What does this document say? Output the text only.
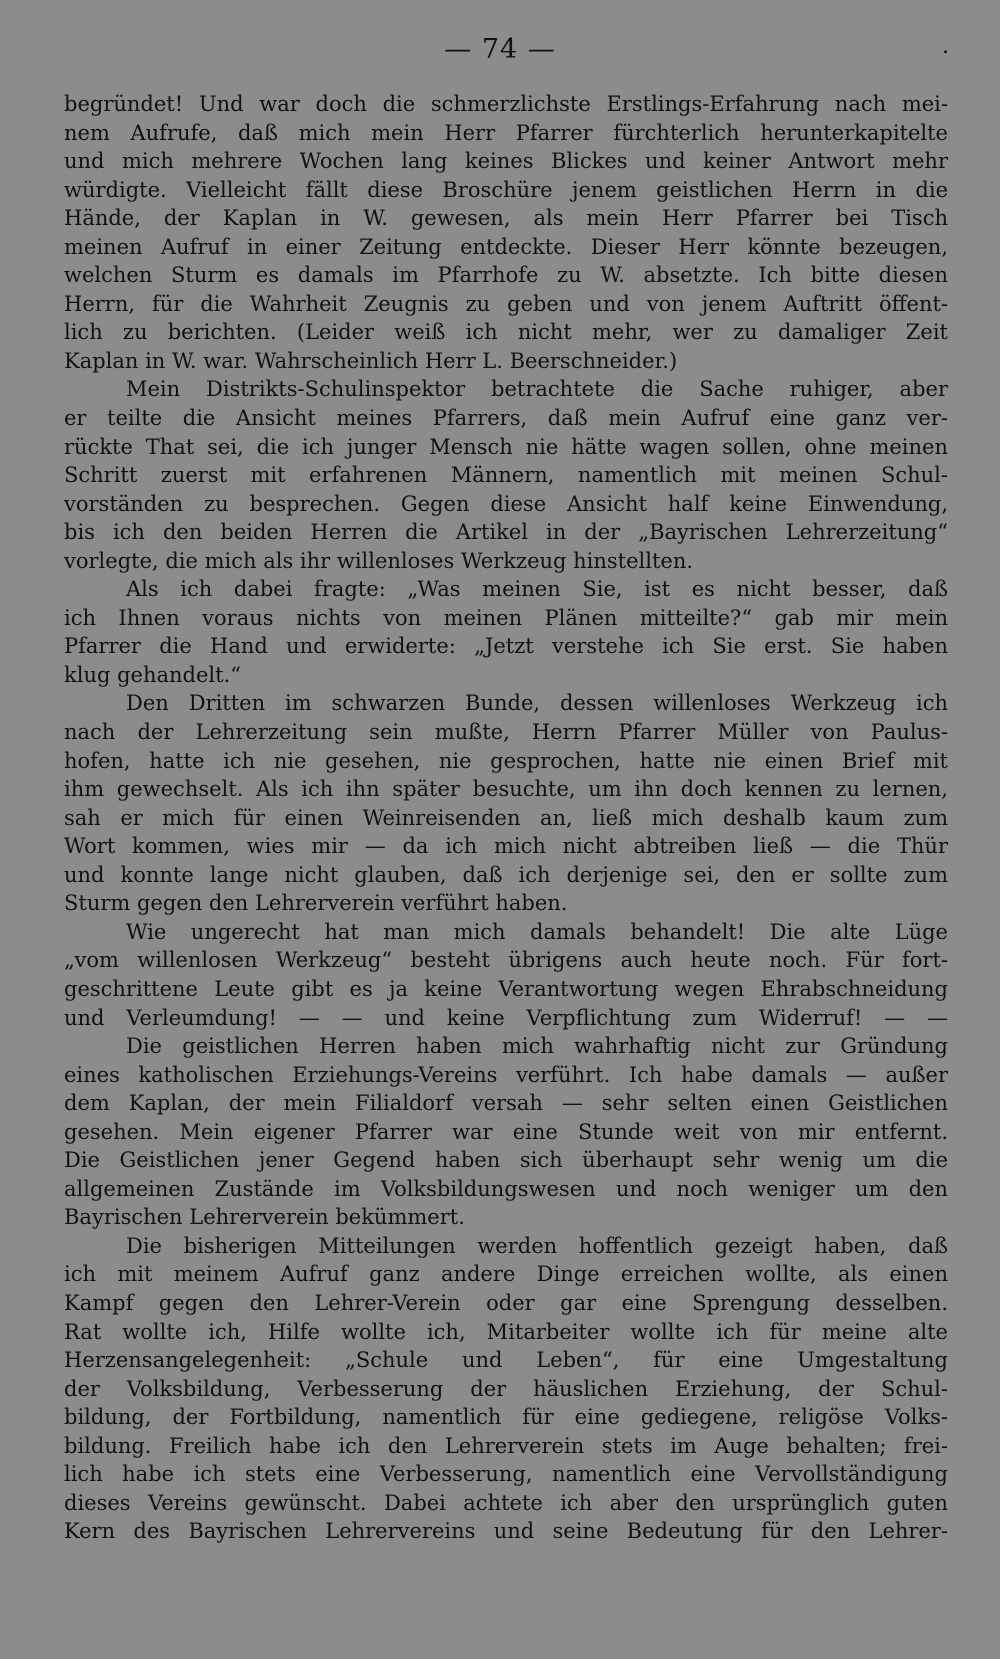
— 74 —	.
begründet! Und war doch die schmerzlichste Erstlings-Erfahrung nach mei-
nem Aufrufe, daß mich mein Herr Pfarrer fürchterlich herunterkapitelte
und mich mehrere Wochen lang keines Blickes und keiner Antwort mehr
würdigte. Vielleicht fällt diese Broschüre jenem geistlichen Herrn in die
Hände, der Kaplan in W. gewesen, als mein Herr Pfarrer bei Tisch
meinen Aufruf in einer Zeitung entdeckte. Dieser Herr könnte bezeugen,
welchen Sturm es damals im Pfarrhofe zu W. absetzte. Ich bitte diesen
Herrn, für die Wahrheit Zeugnis zu geben und von jenem Auftritt öffent-
lich zu berichten. (Leider weiß ich nicht mehr, wer zu damaliger Zeit
Kaplan in W. war. Wahrscheinlich Herr L. Beerschneider.)
Mein Distrikts-Schulinspektor betrachtete die Sache ruhiger, aber
er teilte die Ansicht meines Pfarrers, daß mein Aufruf eine ganz ver-
rückte That sei, die ich junger Mensch nie hätte wagen sollen, ohne meinen
Schritt zuerst mit erfahrenen Männern, namentlich mit meinen Schul-
vorständen zu besprechen. Gegen diese Ansicht half keine Einwendung,
bis ich den beiden Herren die Artikel in der „Bayrischen Lehrerzeitung“
vorlegte, die mich als ihr willenloses Werkzeug hinstellten.
Als ich dabei fragte: „Was meinen Sie, ist es nicht besser, daß
ich Ihnen voraus nichts von meinen Plänen mitteilte?“ gab mir mein
Pfarrer die Hand und erwiderte: „Jetzt verstehe ich Sie erst. Sie haben
klug gehandelt.“
Den Dritten im schwarzen Bunde, dessen willenloses Werkzeug ich
nach der Lehrerzeitung sein mußte, Herrn Pfarrer Müller von Paulus-
hofen, hatte ich nie gesehen, nie gesprochen, hatte nie einen Brief mit
ihm gewechselt. Als ich ihn später besuchte, um ihn doch kennen zu lernen,
sah er mich für einen Weinreisenden an, ließ mich deshalb kaum zum
Wort kommen, wies mir — da ich mich nicht abtreiben ließ — die Thür
und konnte lange nicht glauben, daß ich derjenige sei, den er sollte zum
Sturm gegen den Lehrerverein verführt haben.
Wie ungerecht hat man mich damals behandelt! Die alte Lüge
„vom willenlosen Werkzeug“ besteht übrigens auch heute noch. Für fort-
geschrittene Leute gibt es ja keine Verantwortung wegen Ehrabschneidung
und Verleumdung! — — und keine Verpflichtung zum Widerruf! — —
Die geistlichen Herren haben mich wahrhaftig nicht zur Gründung
eines katholischen Erziehungs-Vereins verführt. Ich habe damals — außer
dem Kaplan, der mein Filialdorf versah — sehr selten einen Geistlichen
gesehen. Mein eigener Pfarrer war eine Stunde weit von mir entfernt.
Die Geistlichen jener Gegend haben sich überhaupt sehr wenig um die
allgemeinen Zustände im Volksbildungswesen und noch weniger um den
Bayrischen Lehrerverein bekümmert.
Die bisherigen Mitteilungen werden hoffentlich gezeigt haben, daß
ich mit meinem Aufruf ganz andere Dinge erreichen wollte, als einen
Kampf gegen den Lehrer-Verein oder gar eine Sprengung desselben.
Rat wollte ich, Hilfe wollte ich, Mitarbeiter wollte ich für meine alte
Herzensangelegenheit: „Schule und Leben“, für eine Umgestaltung
der Volksbildung, Verbesserung der häuslichen Erziehung, der Schul-
bildung, der Fortbildung, namentlich für eine gediegene, religöse Volks-
bildung. Freilich habe ich den Lehrerverein stets im Auge behalten; frei-
lich habe ich stets eine Verbesserung, namentlich eine Vervollständigung
dieses Vereins gewünscht. Dabei achtete ich aber den ursprünglich guten
Kern des Bayrischen Lehrervereins und seine Bedeutung für den Lehrer-
